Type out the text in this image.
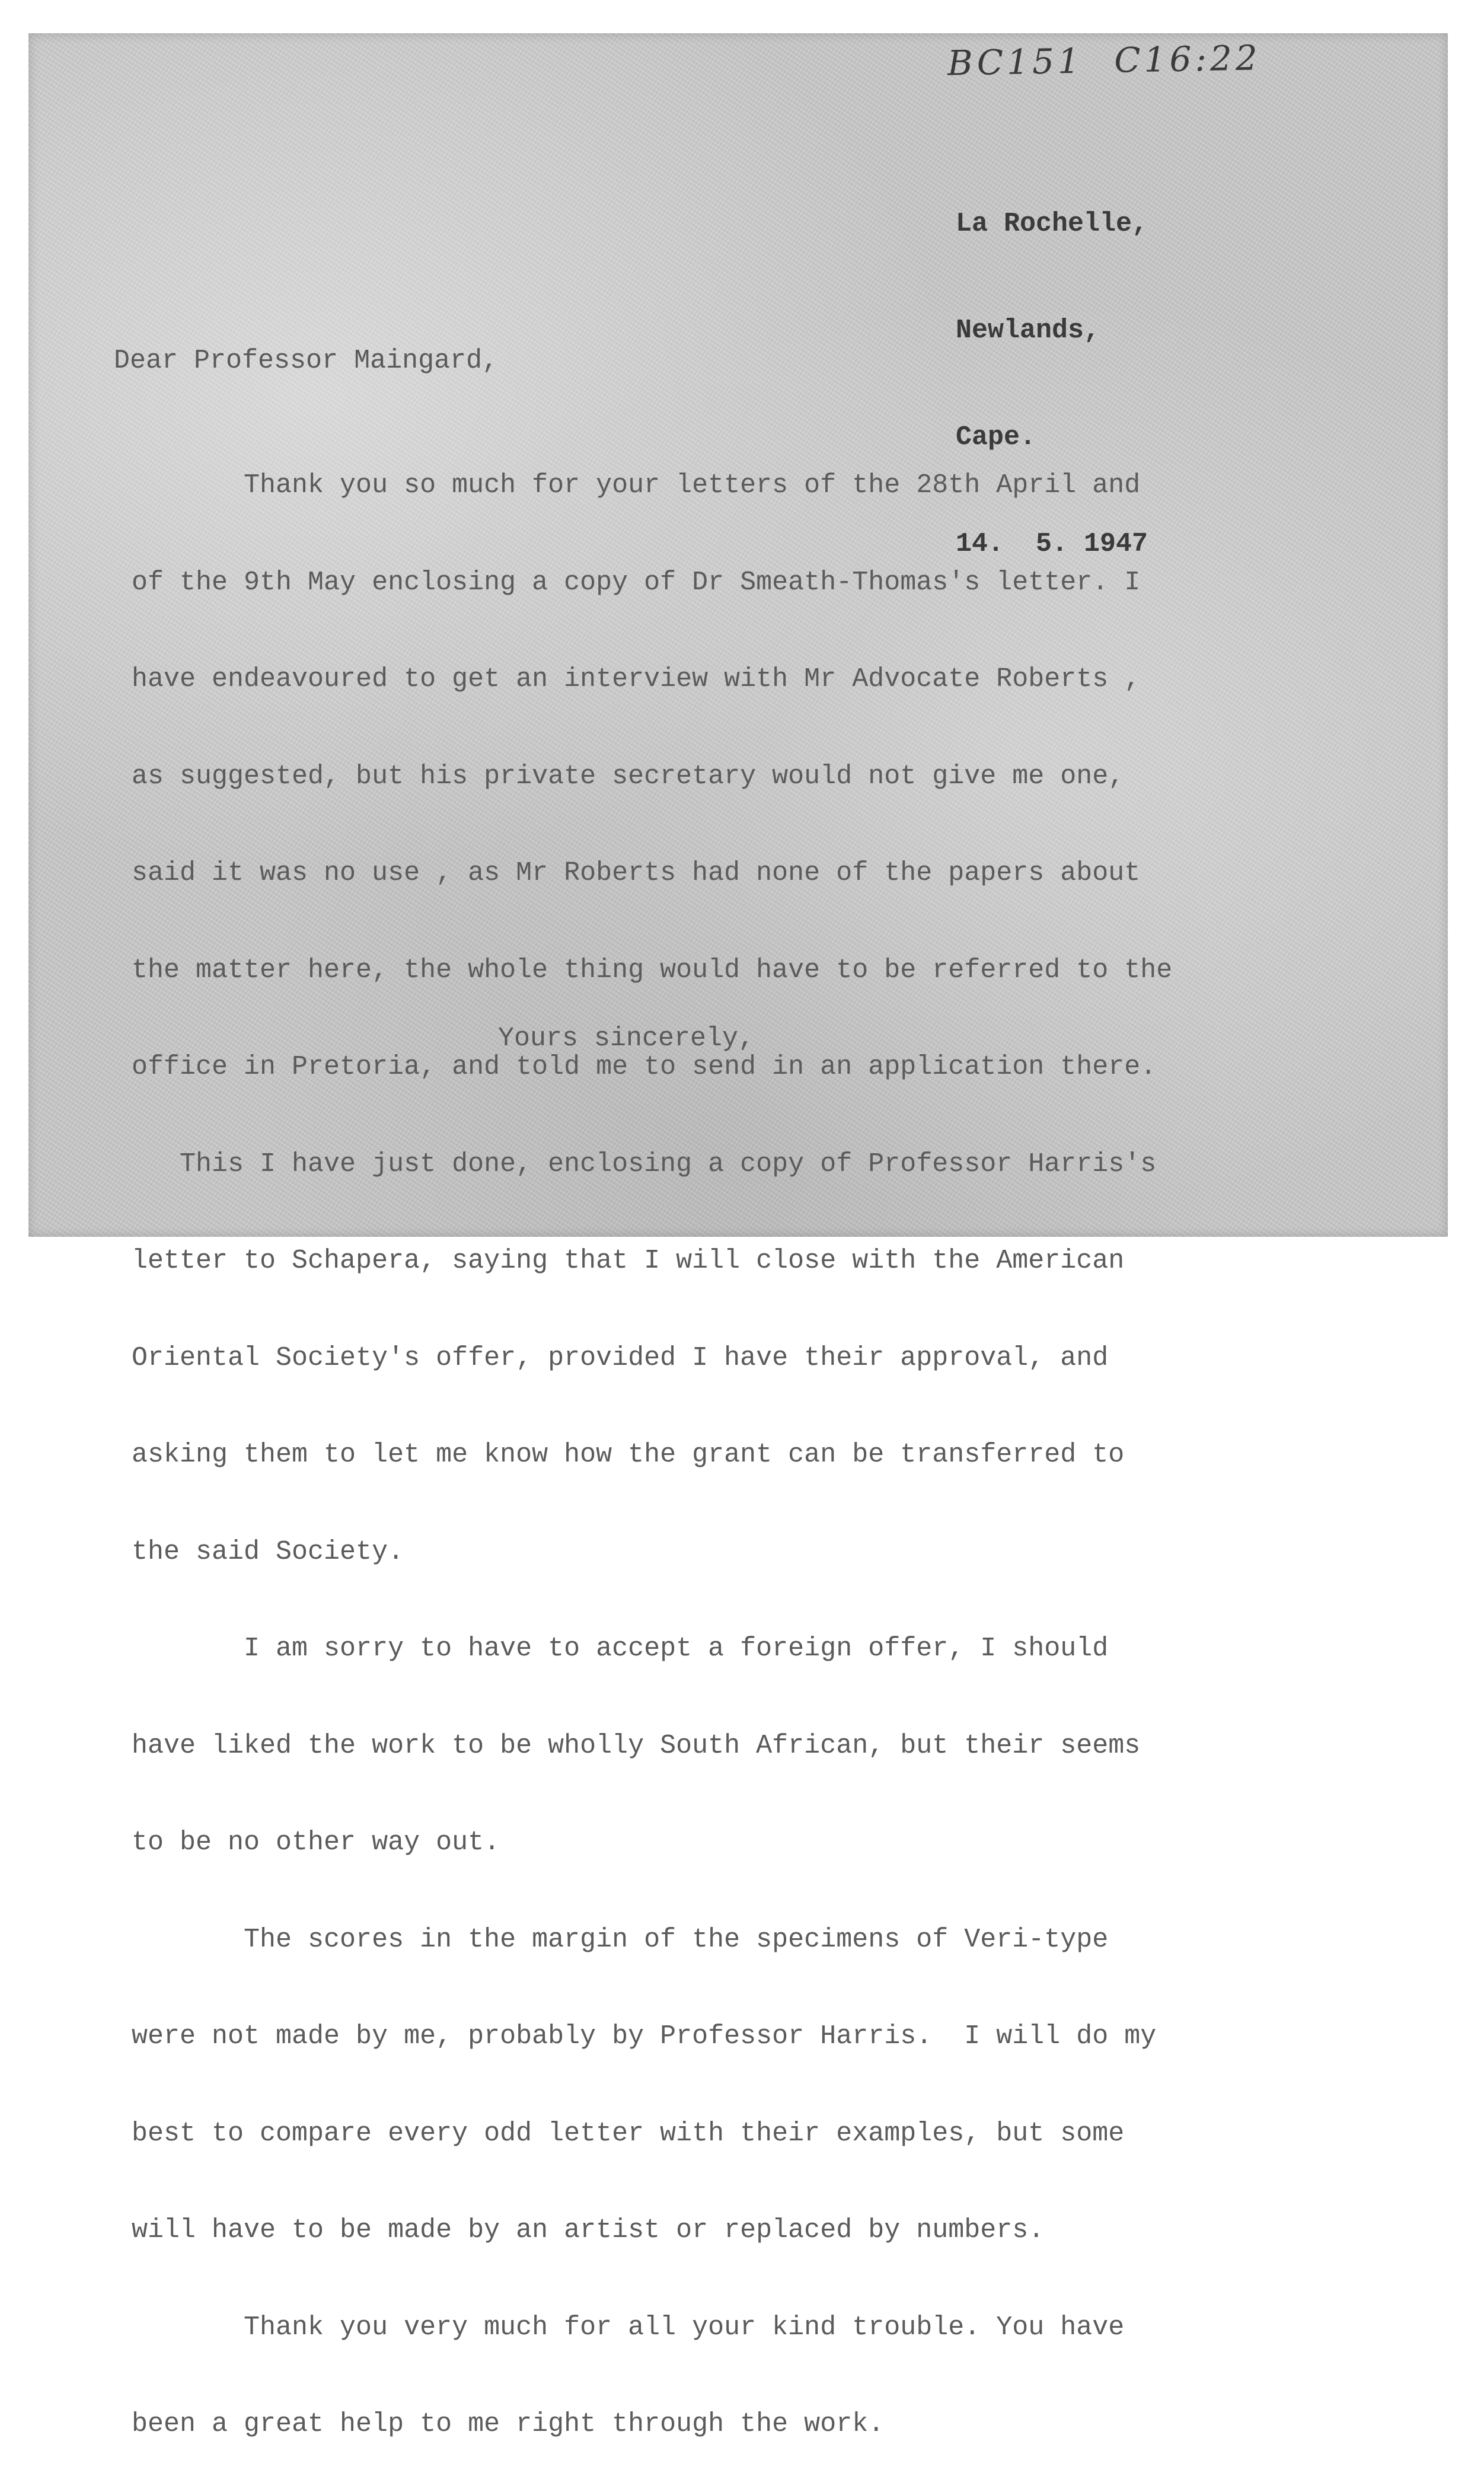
BC151 C16:22

La Rochelle,

Newlands,

Cape.

14.  5. 1947

Dear Professor Maingard,

Thank you so much for your letters of the 28th April and

of the 9th May enclosing a copy of Dr Smeath-Thomas's letter. I

have endeavoured to get an interview with Mr Advocate Roberts ,

as suggested, but his private secretary would not give me one,

said it was no use , as Mr Roberts had none of the papers about

the matter here, the whole thing would have to be referred to the

office in Pretoria, and told me to send in an application there.

This I have just done, enclosing a copy of Professor Harris's

letter to Schapera, saying that I will close with the American

Oriental Society's offer, provided I have their approval, and

asking them to let me know how the grant can be transferred to

the said Society.

I am sorry to have to accept a foreign offer, I should

have liked the work to be wholly South African, but their seems

to be no other way out.

The scores in the margin of the specimens of Veri-type

were not made by me, probably by Professor Harris.  I will do my

best to compare every odd letter with their examples, but some

will have to be made by an artist or replaced by numbers.

Thank you very much for all your kind trouble. You have

been a great help to me right through the work.

Yours sincerely,
